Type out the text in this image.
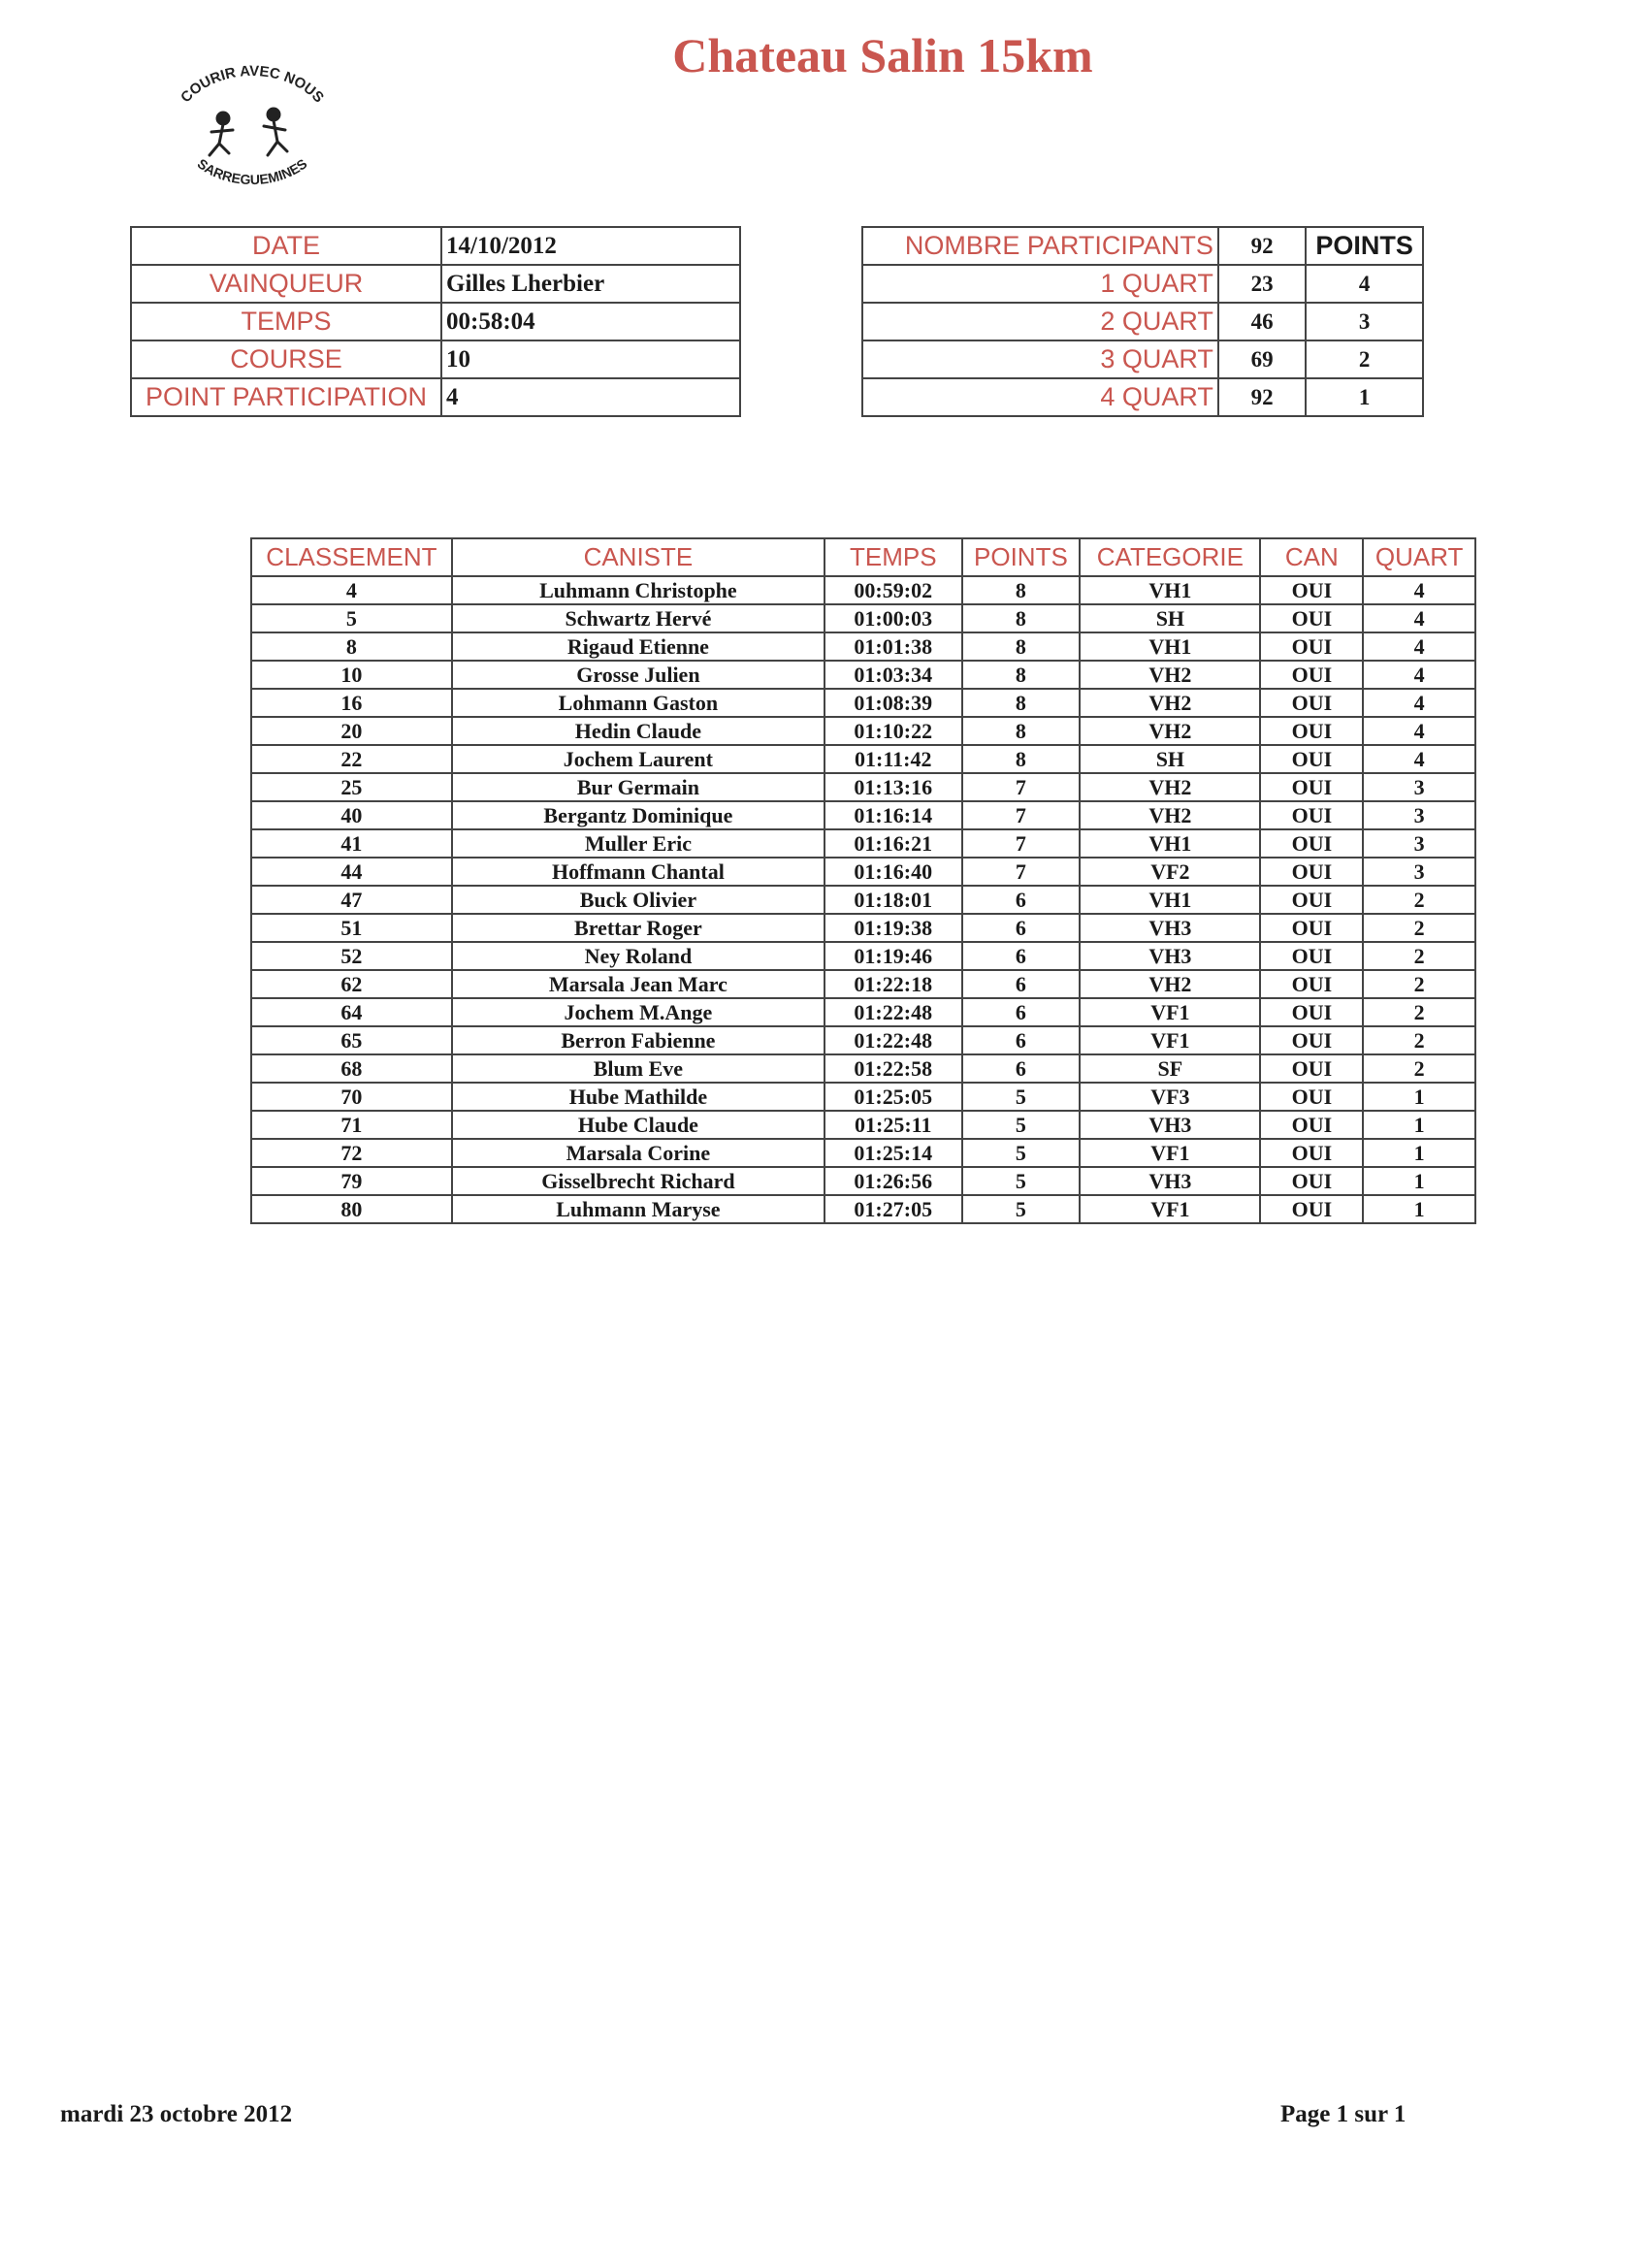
COURIR AVEC NOUS
SARREGUEMINES
Chateau Salin 15km
DATE	14/10/2012
VAINQUEUR	Gilles Lherbier
TEMPS	00:58:04
COURSE	10
POINT PARTICIPATION	4
NOMBRE PARTICIPANTS	92	POINTS
1 QUART	23	4
2 QUART	46	3
3 QUART	69	2
4 QUART	92	1
CLASSEMENT	CANISTE	TEMPS	POINTS	CATEGORIE	CAN	QUART
4	Luhmann Christophe	00:59:02	8	VH1	OUI	4
5	Schwartz Hervé	01:00:03	8	SH	OUI	4
8	Rigaud Etienne	01:01:38	8	VH1	OUI	4
10	Grosse Julien	01:03:34	8	VH2	OUI	4
16	Lohmann Gaston	01:08:39	8	VH2	OUI	4
20	Hedin Claude	01:10:22	8	VH2	OUI	4
22	Jochem Laurent	01:11:42	8	SH	OUI	4
25	Bur Germain	01:13:16	7	VH2	OUI	3
40	Bergantz Dominique	01:16:14	7	VH2	OUI	3
41	Muller Eric	01:16:21	7	VH1	OUI	3
44	Hoffmann Chantal	01:16:40	7	VF2	OUI	3
47	Buck Olivier	01:18:01	6	VH1	OUI	2
51	Brettar Roger	01:19:38	6	VH3	OUI	2
52	Ney Roland	01:19:46	6	VH3	OUI	2
62	Marsala Jean Marc	01:22:18	6	VH2	OUI	2
64	Jochem M.Ange	01:22:48	6	VF1	OUI	2
65	Berron Fabienne	01:22:48	6	VF1	OUI	2
68	Blum Eve	01:22:58	6	SF	OUI	2
70	Hube Mathilde	01:25:05	5	VF3	OUI	1
71	Hube Claude	01:25:11	5	VH3	OUI	1
72	Marsala Corine	01:25:14	5	VF1	OUI	1
79	Gisselbrecht Richard	01:26:56	5	VH3	OUI	1
80	Luhmann Maryse	01:27:05	5	VF1	OUI	1
mardi 23 octobre 2012	Page 1 sur 1
